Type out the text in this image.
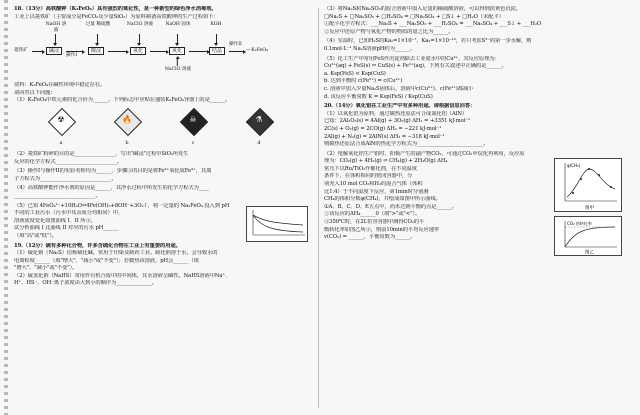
18.（13分）高铁酸钾（K₂FeO₄）具有强烈的氧化性，是一种新型的绿色净水消毒剂。
工业上以菱铁矿（主要成分是FeCO₃及少量SiO₂）为原料制备高铁酸钾的生产过程如下：
菱铁矿
NaOH 溶液
碱浸
操作I
过量 稀硫酸
酸浸
NaClO 溶液
氧化
NaOH 固体
氧化
NaClO 溶液
KOH
结晶
操作II
→ K₂FeO₄
资料：K₂FeO₄在碱性环境中稳定存在。
请回答以下问题：
（1）K₂FeO₄中铁元素的化合价为______，下列标志中应贴在盛装K₂FeO₄容器上的是______。
☢
a
🔥
b
☠
c
⚗
d
（2）菱铁矿粉碎的目的是________________，写出"碱浸"过程中SiO₂所发生
反应的化学方程式________________________。
（3）操作I与操作II的实验名称均为______，步骤③的目的是将Fe²⁺氧化成Fe³⁺，其离
子方程式为____________________________。
（4）高铁酸钾能作净水剂的原因是______，其净水过程中所发生的化学方程式为____
________________________________。
（5）已知 4FeO₄²⁻+10H₂O⇌4Fe(OH)₃+8OH⁻+3O₂↑，将一定量的 Na₂FeO₄ 投入到 pH
不同的工业污水（污水中其余成分均相同）中，
溶液浓度变化如图曲线 I、II 所示，
试分析曲线 I 比曲线 II 对应的污水 pH______
（填"高"或"低"）。
19.（12分）硫有多种化合物，许多含硫化合物在工业上有重要的用途。
（1）硫化钠（Na₂S）俗称硫化碱，常用于印染及制药工业。硫化钠溶于水，会导致水的
电离程度______（填"增大"、"减小"或"不变"）；若微热该溶液，pH会______（填
"增大"、"减小"或"不变"）。
（2）硫氢化钠（NaHS）常用作有机合成中的中间体，其水溶液呈碱性。NaHS溶液中Na⁺、
H⁺、HS⁻、OH⁻离子浓度由大到小的顺序为______________。
（3）将Na₂S和Na₂SO₃的混合溶液中加入足量的稀硫酸溶液，可以得到淡黄色沉淀。
□Na₂S + □Na₂SO₃ + □H₂SO₄ = □Na₂SO₄ + □S↓ + □H₂O（未配平）
①配平化学方程式：___Na₂S + ___Na₂SO₃ + ___H₂SO₄ = ___Na₂SO₄ + ___S↓ + ___H₂O
②反应中还原产物与氧化产物的物质的量之比为______。
（4）室温时，已知H₂S的Ka₁=1×10⁻⁷，Ka₂=1×10⁻¹³，若只考虑S²⁻的第一步水解，则
0.1mol·L⁻¹ Na₂S溶液pH约为______。
（5）化工生产中常用FeS作沉淀剂除去工业废水中的Cu²⁺，其反应原理为：
Cu²⁺(aq) + FeS(s) ⇌ CuS(s) + Fe²⁺(aq)，下列有关叙述中正确的是______。
a. Ksp(FeS) < Ksp(CuS)
b. 达到平衡时 c(Fe²⁺) = c(Cu²⁺)
c. 溶液中加入少量Na₂S固体后，溶液中c(Cu²⁺)、c(Fe²⁺)都减小
d. 该反应平衡常数 K = Ksp(FeS) / Ksp(CuS)
20.（14分）氧化铝在工业生产中有多种用途。请根据信息回答：
（1）以氧化铝为原料，通过碳热还原法可合成氮化铝（AlN）
已知：2Al₂O₃(s) = 4Al(g) + 3O₂(g) ΔH₁ = +3351 kJ·mol⁻¹
2C(s) + O₂(g) = 2CO(g) ΔH₂ = −221 kJ·mol⁻¹
2Al(g) + N₂(g) = 2AlN(s) ΔH₃ = −318 kJ·mol⁻¹
则碳热还原法合成AlN的热化学方程式为__________________________。
（2）电解氧化铝生产铝时，阳极产生的副产物CO₂，可通过CO₂甲烷化再利用，反应原
理为：CO₂(g) + 4H₂(g) ⇌ CH₄(g) + 2H₂O(g) ΔH₄
常压下以Ru/TiO₂作催化剂，在不同温度
条件下，在体积相同的密闭容器中，分
别充入10 mol CO₂和H₂的混合气体（体积
比1:4）于不同温度下反应，第1min时分别测
CH₄的体积分数φ(CH₄)，并绘成如图甲所示曲线。
①A、B、C、D、E五点中，尚未达到平衡的点是______。
②该反应的ΔH₄______0（填">"或"<"）。
③350℃时，在2L恒容容器中测得CO₂的平
衡转化率如图乙所示，则前10min的平均反应速率
v(CO₂) = ______，平衡常数为______。
φ(CH₄)
图甲
CO₂ 的转化率
图乙
